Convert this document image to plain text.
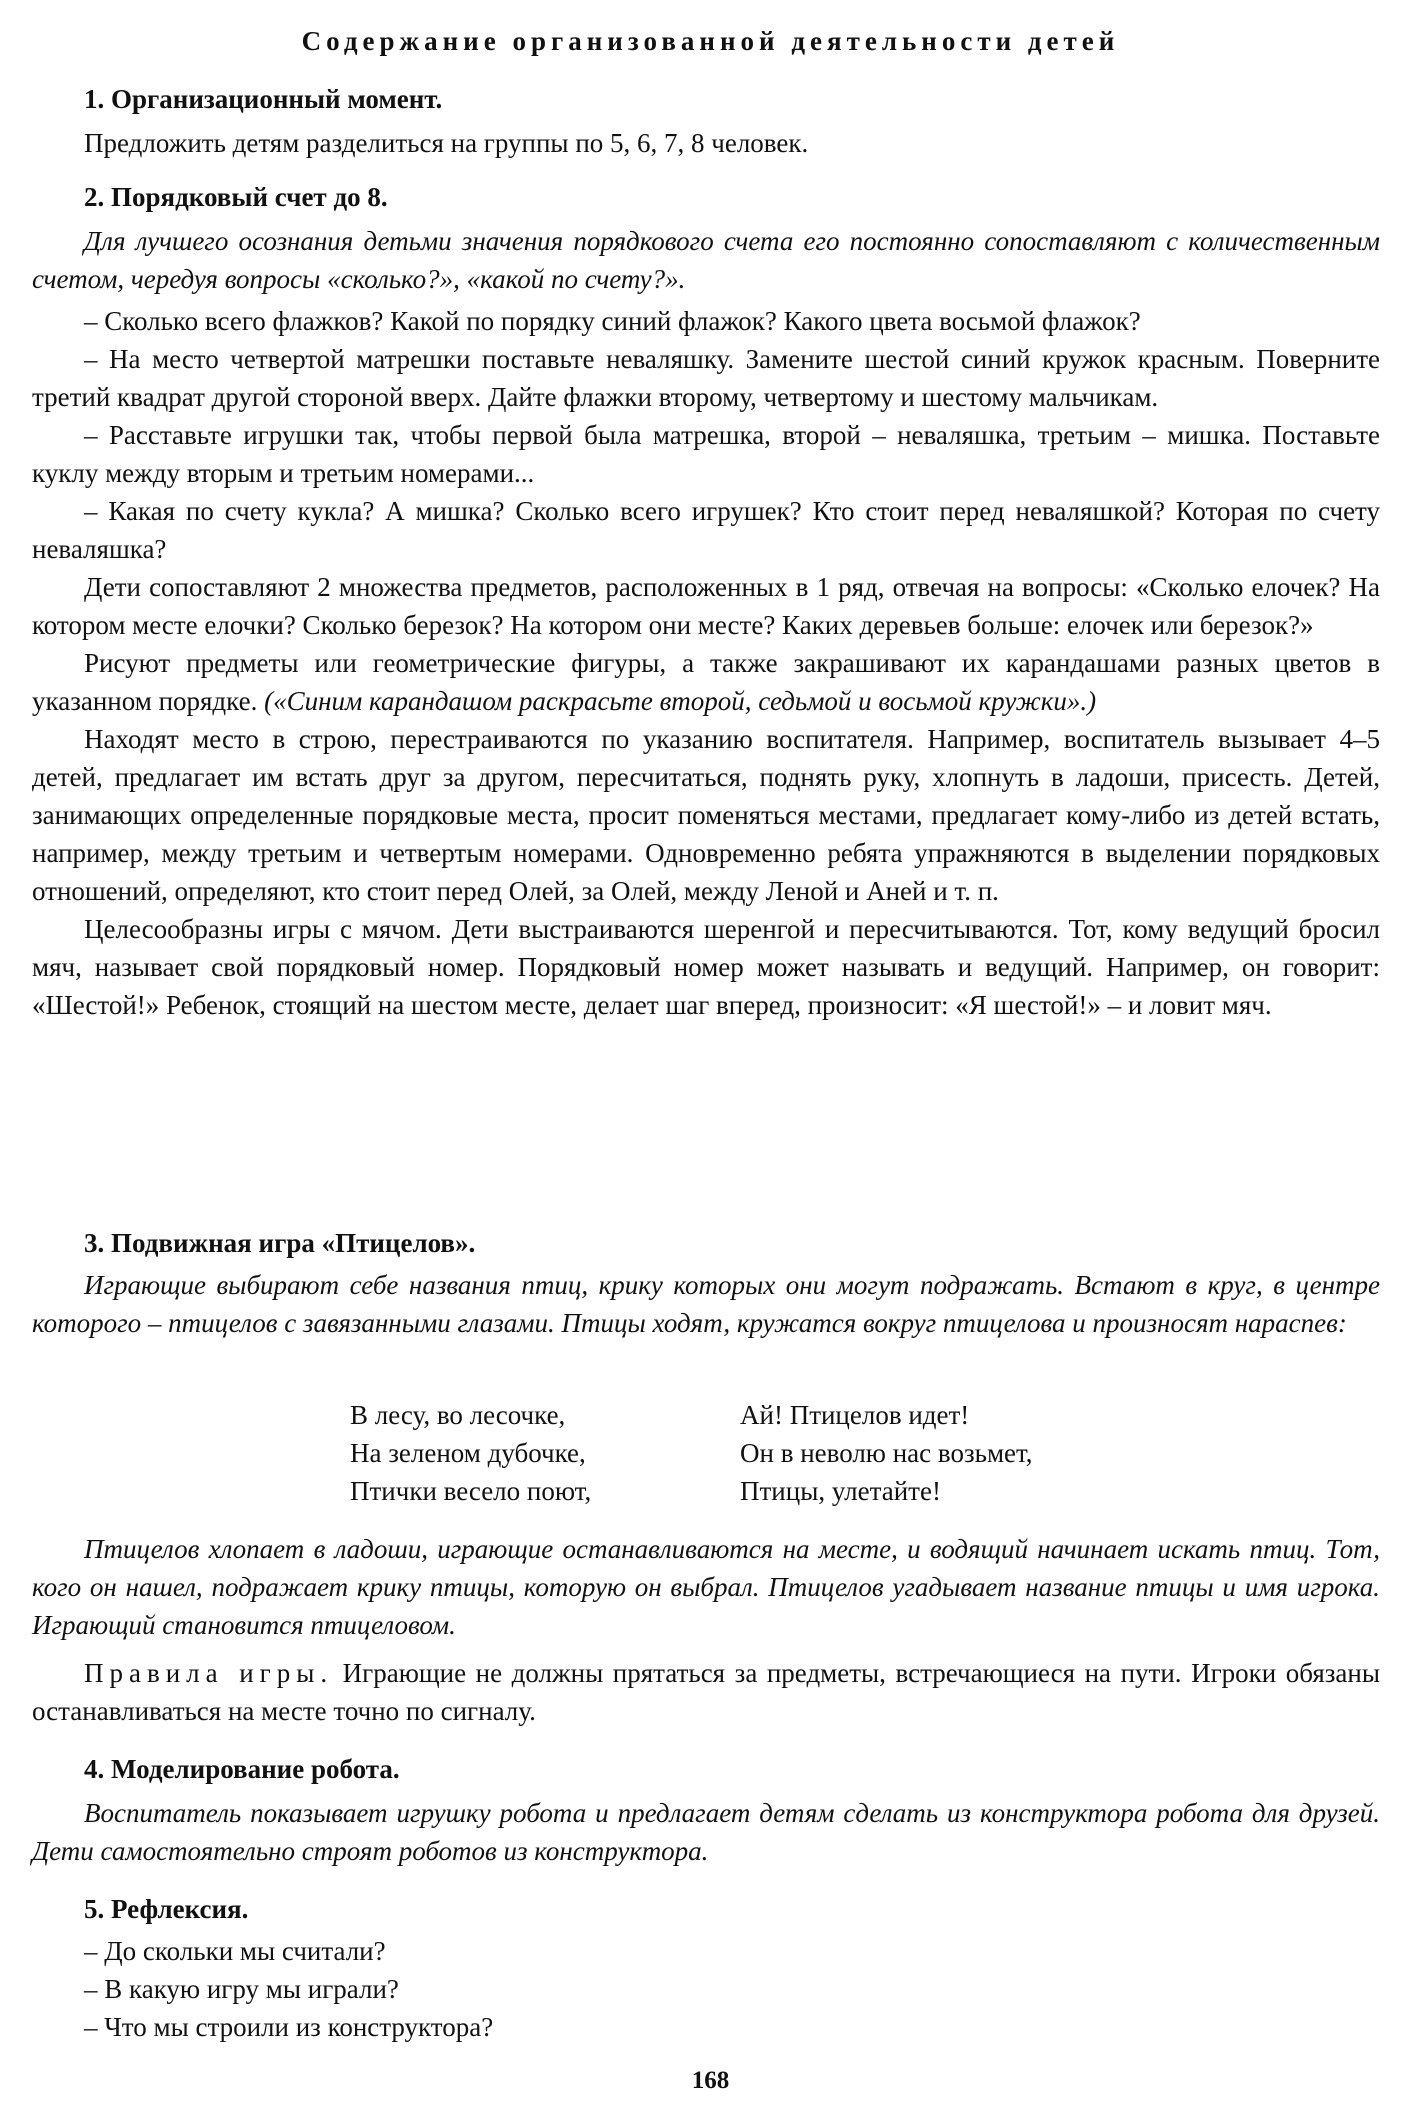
Содержание организованной деятельности детей
1. Организационный момент.

Предложить детям разделиться на группы по 5, 6, 7, 8 человек.

2. Порядковый счет до 8.

Для лучшего осознания детьми значения порядкового счета его постоянно сопоставляют с количественным счетом, чередуя вопросы «сколько?», «какой по счету?».

– Сколько всего флажков? Какой по порядку синий флажок? Какого цвета восьмой флажок?

– На место четвертой матрешки поставьте неваляшку. Замените шестой синий кружок красным. Поверните третий квадрат другой стороной вверх. Дайте флажки второму, четвертому и шестому мальчикам.

– Расставьте игрушки так, чтобы первой была матрешка, второй – неваляшка, третьим – мишка. Поставьте куклу между вторым и третьим номерами...

– Какая по счету кукла? А мишка? Сколько всего игрушек? Кто стоит перед неваляшкой? Которая по счету неваляшка?

Дети сопоставляют 2 множества предметов, расположенных в 1 ряд, отвечая на вопросы: «Сколько елочек? На котором месте елочки? Сколько березок? На котором они месте? Каких деревьев больше: елочек или березок?»

Рисуют предметы или геометрические фигуры, а также закрашивают их карандашами разных цветов в указанном порядке. («Синим карандашом раскрасьте второй, седьмой и восьмой кружки».)

Находят место в строю, перестраиваются по указанию воспитателя. Например, воспитатель вызывает 4–5 детей, предлагает им встать друг за другом, пересчитаться, поднять руку, хлопнуть в ладоши, присесть. Детей, занимающих определенные порядковые места, просит поменяться местами, предлагает кому-либо из детей встать, например, между третьим и четвертым номерами. Одновременно ребята упражняются в выделении порядковых отношений, определяют, кто стоит перед Олей, за Олей, между Леной и Аней и т. п.

Целесообразны игры с мячом. Дети выстраиваются шеренгой и пересчитываются. Тот, кому ведущий бросил мяч, называет свой порядковый номер. Порядковый номер может называть и ведущий. Например, он говорит: «Шестой!» Ребенок, стоящий на шестом месте, делает шаг вперед, произносит: «Я шестой!» – и ловит мяч.

3. Подвижная игра «Птицелов».

Играющие выбирают себе названия птиц, крику которых они могут подражать. Встают в круг, в центре которого – птицелов с завязанными глазами. Птицы ходят, кружатся вокруг птицелова и произносят нараспев:

В лесу, во лесочке,
На зеленом дубочке,
Птички весело поют,
Ай! Птицелов идет!
Он в неволю нас возьмет,
Птицы, улетайте!

Птицелов хлопает в ладоши, играющие останавливаются на месте, и водящий начинает искать птиц. Тот, кого он нашел, подражает крику птицы, которую он выбрал. Птицелов угадывает название птицы и имя игрока. Играющий становится птицеловом.

Правила игры. Играющие не должны прятаться за предметы, встречающиеся на пути. Игроки обязаны останавливаться на месте точно по сигналу.

4. Моделирование робота.

Воспитатель показывает игрушку робота и предлагает детям сделать из конструктора робота для друзей. Дети самостоятельно строят роботов из конструктора.

5. Рефлексия.
– До скольки мы считали?
– В какую игру мы играли?
– Что мы строили из конструктора?
168
